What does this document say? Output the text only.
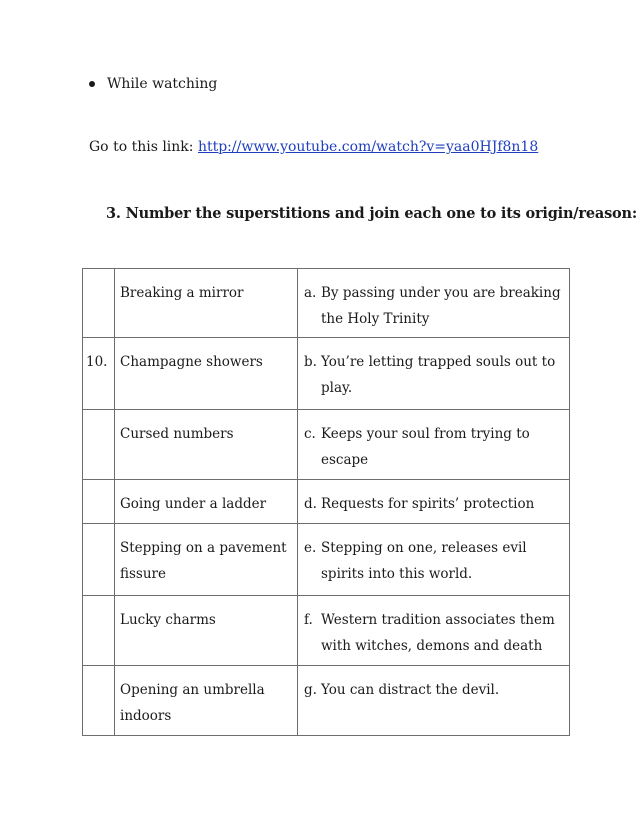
While watching
Go to this link: http://www.youtube.com/watch?v=yaa0HJf8n18
3. Number the superstitions and join each one to its origin/reason:
	Breaking a mirror	a. By passing under you are breaking the Holy Trinity

10.	Champagne showers	b. You’re letting trapped souls out to play.

	Cursed numbers	c. Keeps your soul from trying to escape

	Going under a ladder	d. Requests for spirits’ protection

	Stepping on a pavement fissure	e. Stepping on one, releases evil spirits into this world.

	Lucky charms	f. Western tradition associates them with witches, demons and death

	Opening an umbrella indoors	g. You can distract the devil.
